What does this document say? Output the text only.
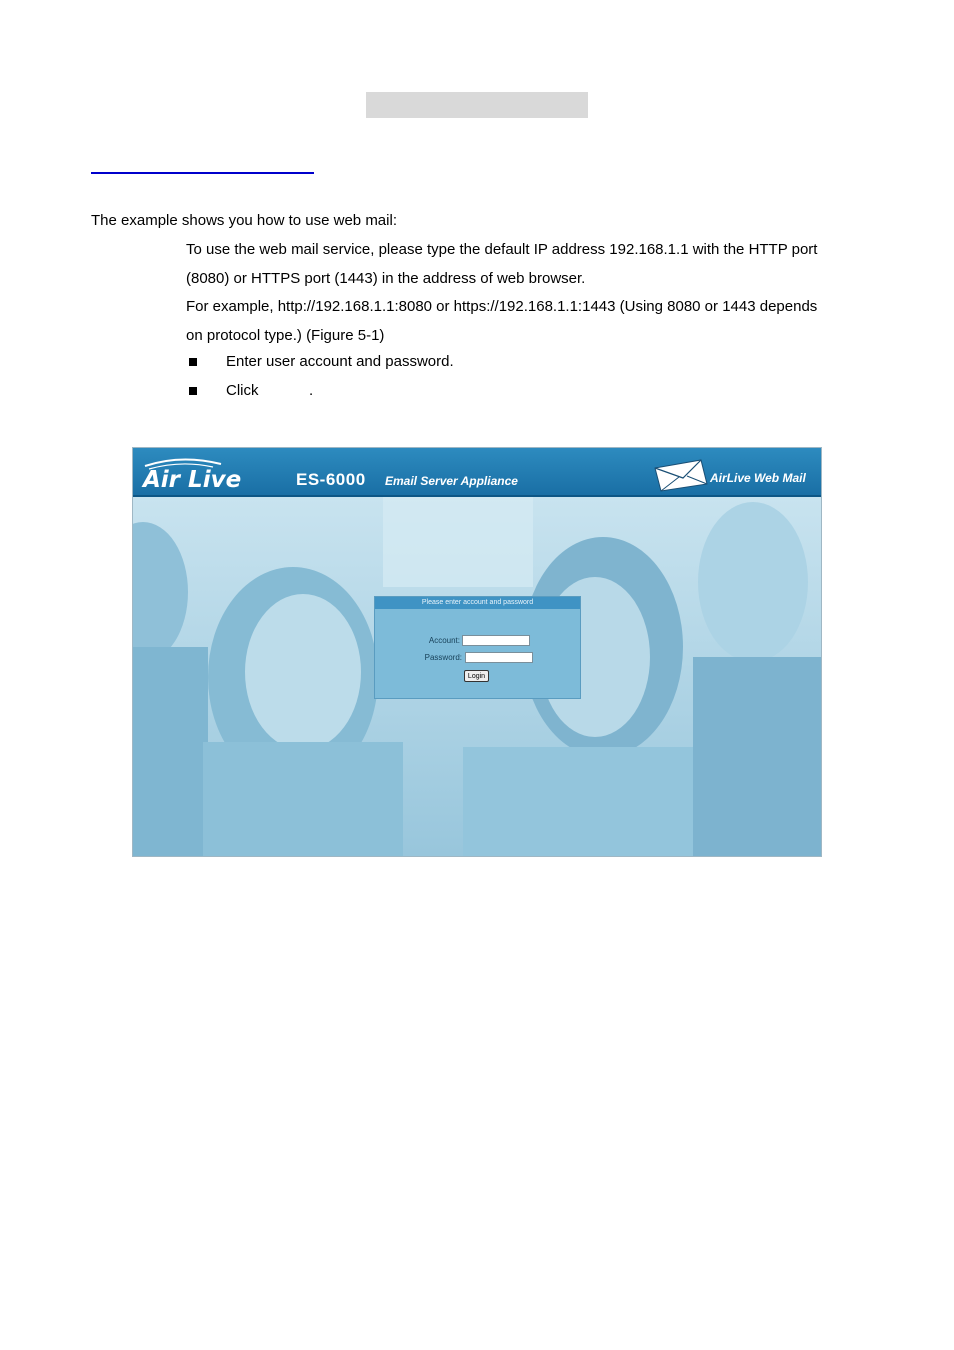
The example shows you how to use web mail:
To use the web mail service, please type the default IP address 192.168.1.1 with the HTTP port
(8080) or HTTPS port (1443) in the address of web browser.
For example, http://192.168.1.1:8080 or https://192.168.1.1:1443 (Using 8080 or 1443 depends
on protocol type.) (Figure 5-1)
Enter user account and password.
Click	.
Air Live	ES-6000 Email Server Appliance	AirLive Web Mail
Please enter account and password
Account:
Password:
Login
